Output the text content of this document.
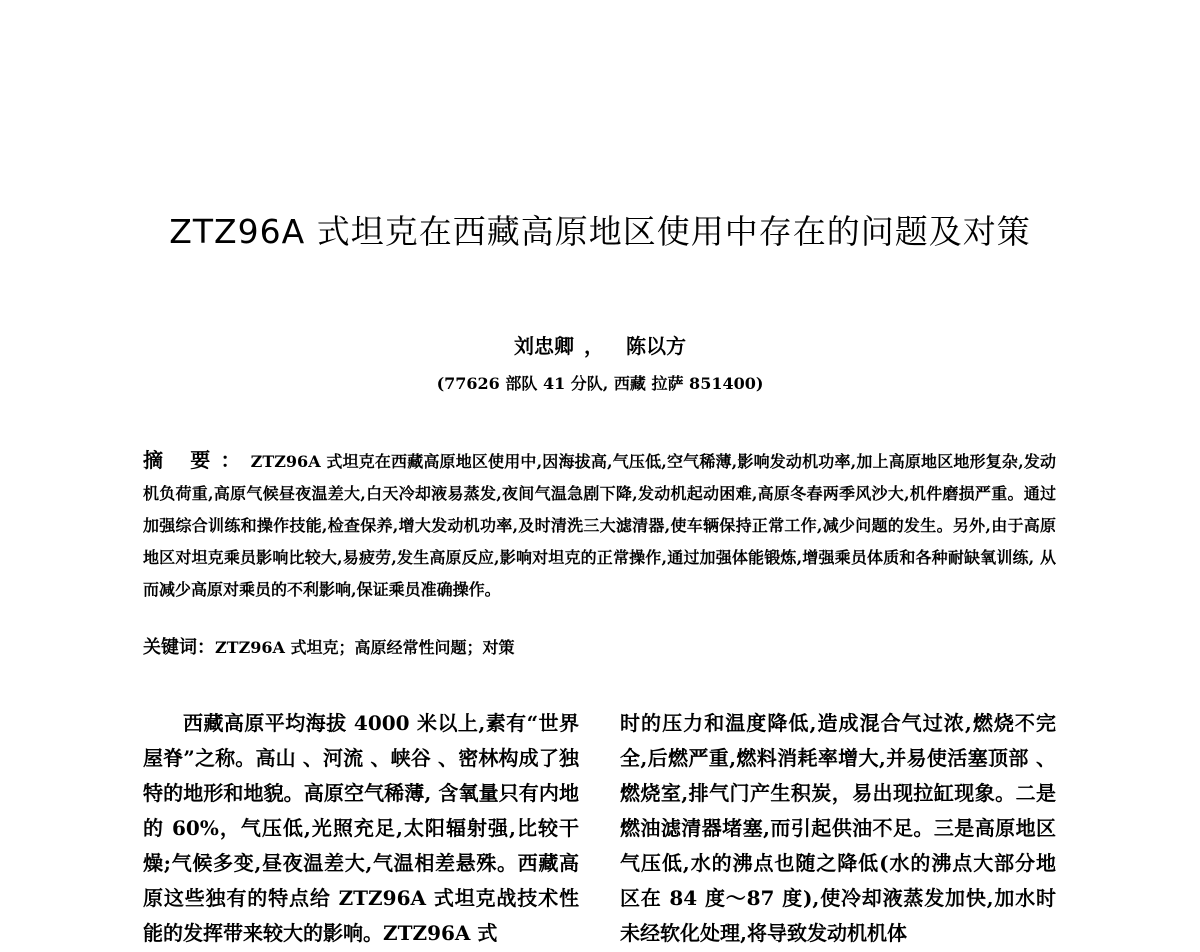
ZTZ96A 式坦克在西藏高原地区使用中存在的问题及对策
刘忠卿 ， 陈以方
(77626 部队 41 分队, 西藏 拉萨 851400)
摘 要：ZTZ96A 式坦克在西藏高原地区使用中,因海拔高,气压低,空气稀薄,影响发动机功率,加上高原地区地形复杂,发动机负荷重,高原气候昼夜温差大,白天冷却液易蒸发,夜间气温急剧下降,发动机起动困难,高原冬春两季风沙大,机件磨损严重。通过加强综合训练和操作技能,检查保养,增大发动机功率,及时清洗三大滤清器,使车辆保持正常工作,减少问题的发生。另外,由于高原地区对坦克乘员影响比较大,易疲劳,发生高原反应,影响对坦克的正常操作,通过加强体能锻炼,增强乘员体质和各种耐缺氧训练, 从而减少高原对乘员的不利影响,保证乘员准确操作。
关键词：ZTZ96A 式坦克；高原经常性问题；对策
西藏高原平均海拔 4000 米以上,素有“世界屋脊”之称。高山 、河流 、峡谷 、密林构成了独特的地形和地貌。高原空气稀薄, 含氧量只有内地的 60%，气压低,光照充足,太阳辐射强,比较干燥;气候多变,昼夜温差大,气温相差悬殊。西藏高原这些独有的特点给 ZTZ96A 式坦克战技术性能的发挥带来较大的影响。ZTZ96A 式
时的压力和温度降低,造成混合气过浓,燃烧不完全,后燃严重,燃料消耗率增大,并易使活塞顶部 、燃烧室,排气门产生积炭，易出现拉缸现象。二是燃油滤清器堵塞,而引起供油不足。三是高原地区气压低,水的沸点也随之降低(水的沸点大部分地区在 84 度～87 度),使冷却液蒸发加快,加水时未经软化处理,将导致发动机机体
